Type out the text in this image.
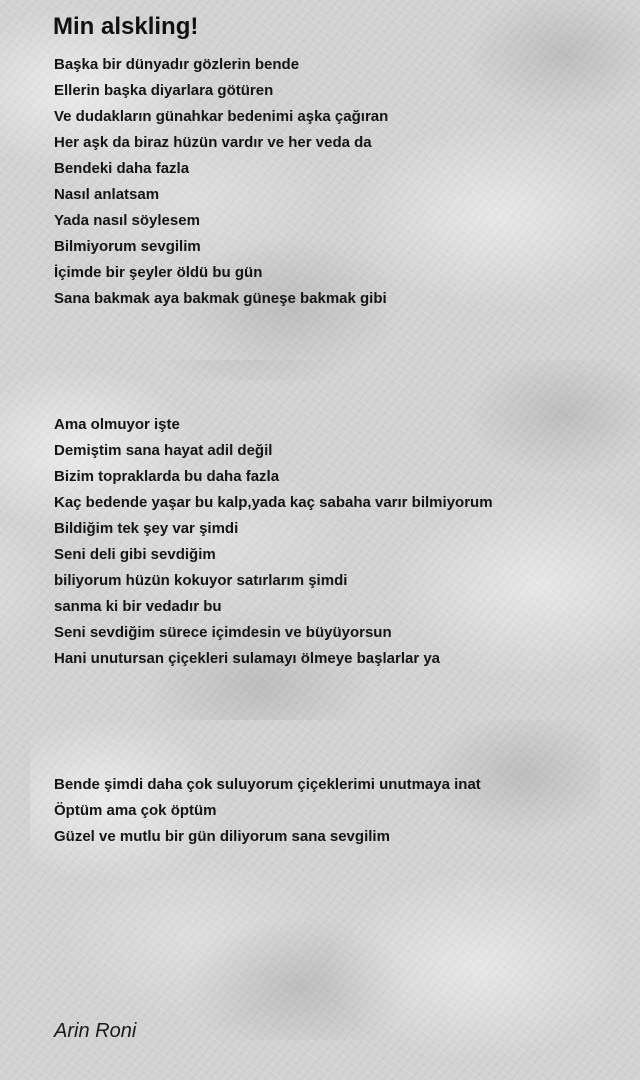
Min alskling!
Başka bir dünyadır gözlerin bende
Ellerin başka diyarlara götüren
Ve dudakların günahkar bedenimi aşka çağıran
Her aşk da biraz hüzün vardır ve her veda da
Bendeki daha fazla
Nasıl anlatsam
Yada nasıl söylesem
Bilmiyorum sevgilim
İçimde bir şeyler öldü bu gün
Sana bakmak aya bakmak güneşe bakmak gibi
Ama olmuyor işte
Demiştim sana hayat adil değil
Bizim topraklarda bu daha fazla
Kaç bedende yaşar bu kalp,yada kaç sabaha varır bilmiyorum
Bildiğim tek şey var şimdi
Seni deli gibi sevdiğim
biliyorum hüzün kokuyor satırlarım şimdi
sanma ki bir vedadır bu
Seni sevdiğim sürece içimdesin ve büyüyorsun
Hani unutursan çiçekleri sulamayı ölmeye başlarlar ya
Bende şimdi daha çok suluyorum çiçeklerimi unutmaya inat
Öptüm ama çok öptüm
Güzel ve mutlu bir gün diliyorum sana sevgilim

Arin Roni
